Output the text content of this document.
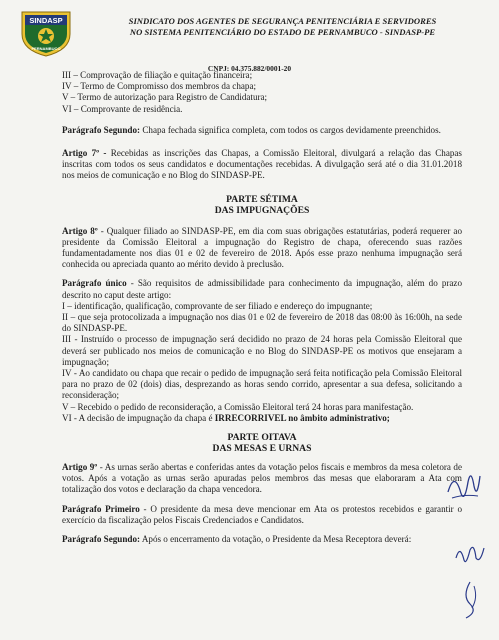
SINDASP
PERNAMBUCO
SINDICATO DOS AGENTES DE SEGURANÇA PENITENCIÁRIA E SERVIDORES
NO SISTEMA PENITENCIÁRIO DO ESTADO DE PERNAMBUCO - SINDASP-PE
CNPJ: 04.375.882/0001-20
III – Comprovação de filiação e quitação financeira;
IV – Termo de Compromisso dos membros da chapa;
V – Termo de autorização para Registro de Candidatura;
VI – Comprovante de residência.

Parágrafo Segundo: Chapa fechada significa completa, com todos os cargos devidamente preenchidos.

Artigo 7º - Recebidas as inscrições das Chapas, a Comissão Eleitoral, divulgará a relação das Chapas inscritas com todos os seus candidatos e documentações recebidas. A divulgação será até o dia 31.01.2018 nos meios de comunicação e no Blog do SINDASP-PE.

PARTE SÉTIMA
DAS IMPUGNAÇÕES

Artigo 8º - Qualquer filiado ao SINDASP-PE, em dia com suas obrigações estatutárias, poderá requerer ao presidente da Comissão Eleitoral a impugnação do Registro de chapa, oferecendo suas razões fundamentadamente nos dias 01 e 02 de fevereiro de 2018. Após esse prazo nenhuma impugnação será conhecida ou apreciada quanto ao mérito devido à preclusão.

Parágrafo único - São requisitos de admissibilidade para conhecimento da impugnação, além do prazo descrito no caput deste artigo:

I – identificação, qualificação, comprovante de ser filiado e endereço do impugnante;

II – que seja protocolizada a impugnação nos dias 01 e 02 de fevereiro de 2018 das 08:00 às 16:00h, na sede do SINDASP-PE.

III - Instruído o processo de impugnação será decidido no prazo de 24 horas pela Comissão Eleitoral que deverá ser publicado nos meios de comunicação e no Blog do SINDASP-PE os motivos que ensejaram a impugnação;

IV - Ao candidato ou chapa que recair o pedido de impugnação será feita notificação pela Comissão Eleitoral para no prazo de 02 (dois) dias, desprezando as horas sendo corrido, apresentar a sua defesa, solicitando a reconsideração;

V – Recebido o pedido de reconsideração, a Comissão Eleitoral terá 24 horas para manifestação.

VI - A decisão de impugnação da chapa é IRRECORRIVEL no âmbito administrativo;

PARTE OITAVA
DAS MESAS E URNAS

Artigo 9º - As urnas serão abertas e conferidas antes da votação pelos fiscais e membros da mesa coletora de votos. Após a votação as urnas serão apuradas pelos membros das mesas que elaboraram a Ata com totalização dos votos e declaração da chapa vencedora.

Parágrafo Primeiro - O presidente da mesa deve mencionar em Ata os protestos recebidos e garantir o exercício da fiscalização pelos Fiscais Credenciados e Candidatos.

Parágrafo Segundo: Após o encerramento da votação, o Presidente da Mesa Receptora deverá:
